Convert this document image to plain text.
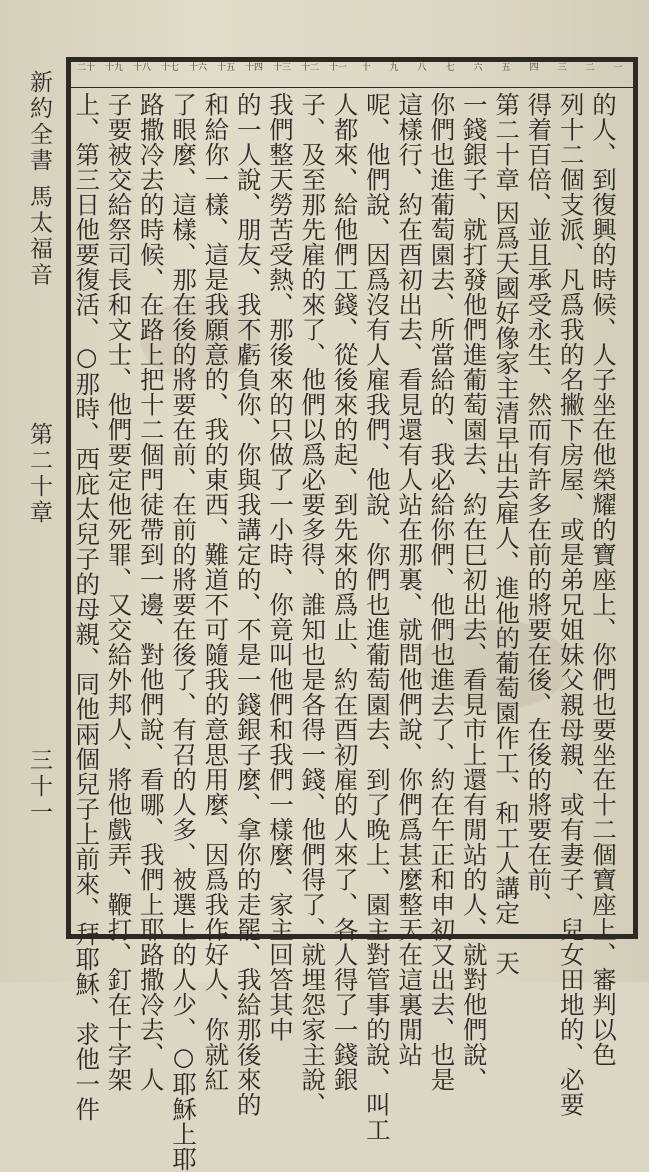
新約全書 馬太福音
第二十章
三十一
一
二
三
四
五
六
七
八
九
十
十一
十二
十三
十四
十五
十六
十七
十八
十九
二十
的人、到復興的時候、人子坐在他榮耀的寶座上、你們也要坐在十二個寶座上、審判以色
列十二個支派、凡爲我的名撇下房屋、或是弟兄姐妹父親母親、或有妻子、兒女田地的、必要
得着百倍、並且承受永生、然而有許多在前的將要在後、在後的將要在前、
第二十章 因爲天國好像家主清早出去雇人、進他的葡萄園作工、和工人講定一天
一錢銀子、就打發他們進葡萄園去、約在巳初出去、看見市上還有閒站的人、就對他們說、
你們也進葡萄園去、所當給的、我必給你們、他們也進去了、約在午正和申初又出去、也是
這樣行、約在酉初出去、看見還有人站在那裏、就問他們說、你們爲甚麼整天在這裏閒站
呢、他們說、因爲沒有人雇我們、他說、你們也進葡萄園去、到了晚上、園主對管事的說、叫工
人都來、給他們工錢、從後來的起、到先來的爲止、約在酉初雇的人來了、各人得了一錢銀
子、及至那先雇的來了、他們以爲必要多得、誰知也是各得一錢、他們得了、就埋怨家主說、
我們整天勞苦受熱、那後來的只做了一小時、你竟叫他們和我們一樣麼、家主回答其中
的一人說、朋友、我不虧負你、你與我講定的、不是一錢銀子麼、拿你的走罷、我給那後來的
和給你一樣、這是我願意的、我的東西、難道不可隨我的意思用麼、因爲我作好人、你就紅
了眼麼、這樣、那在後的將要在前、在前的將要在後了、有召的人多、被選上的人少、○耶穌上耶
路撒冷去的時候、在路上把十二個門徒帶到一邊、對他們說、看哪、我們上耶路撒冷去、人
子要被交給祭司長和文士、他們要定他死罪、又交給外邦人、將他戲弄、鞭打、釘在十字架
上、第三日他要復活、○那時、西庇太兒子的母親、同他兩個兒子上前來、拜耶穌、求他一件
